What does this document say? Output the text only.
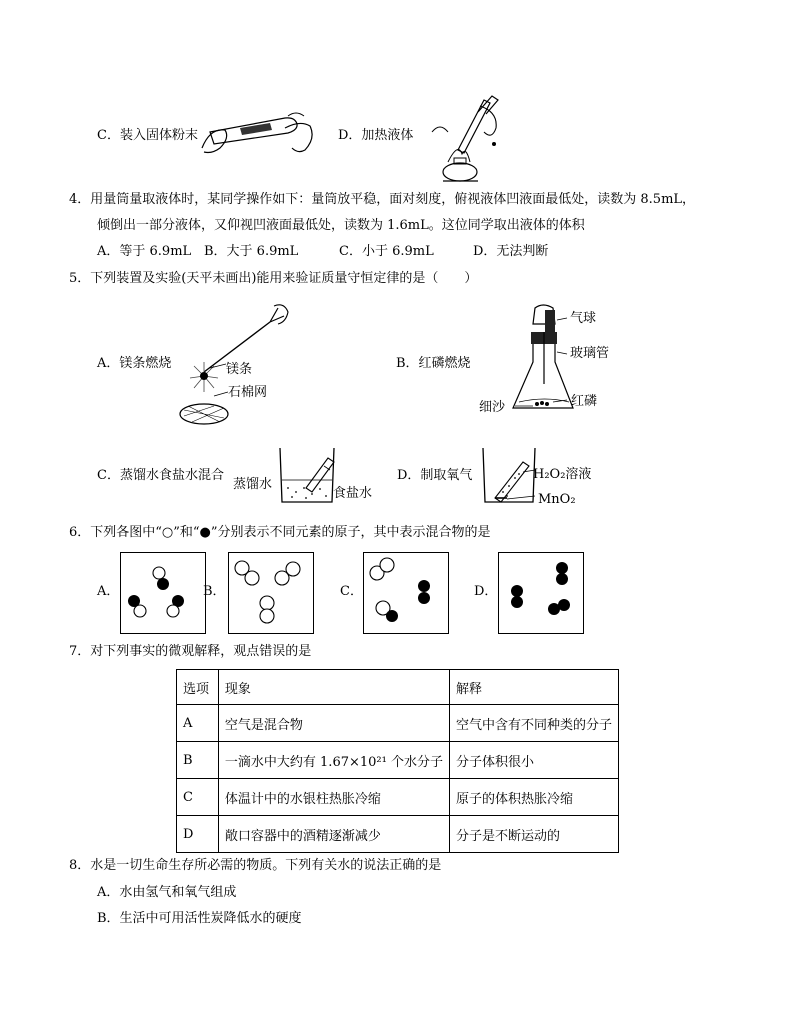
C．装入固体粉末	D．加热液体
4．用量筒量取液体时，某同学操作如下：量筒放平稳，面对刻度，俯视液体凹液面最低处，读数为 8.5mL，
倾倒出一部分液体，又仰视凹液面最低处，读数为 1.6mL。这位同学取出液体的体积
A．等于 6.9mL B．大于 6.9mL	C．小于 6.9mL	D．无法判断
5．下列装置及实验(天平未画出)能用来验证质量守恒定律的是（　　）
A．镁条燃烧	镁条
石棉网
B．红磷燃烧
气球
玻璃管
红磷
细沙
C．蒸馏水食盐水混合
蒸馏水
食盐水
D．制取氧气	H₂O₂溶液
MnO₂
6．下列各图中“○”和“●”分别表示不同元素的原子，其中表示混合物的是
A．	B．	C．	D．
7．对下列事实的微观解释，观点错误的是
选项	现象	解释
A	空气是混合物	空气中含有不同种类的分子
B	一滴水中大约有 1.67×10²¹ 个水分子	分子体积很小
C	体温计中的水银柱热胀冷缩	原子的体积热胀冷缩
D	敞口容器中的酒精逐渐减少	分子是不断运动的
8．水是一切生命生存所必需的物质。下列有关水的说法正确的是
A．水由氢气和氧气组成
B．生活中可用活性炭降低水的硬度
